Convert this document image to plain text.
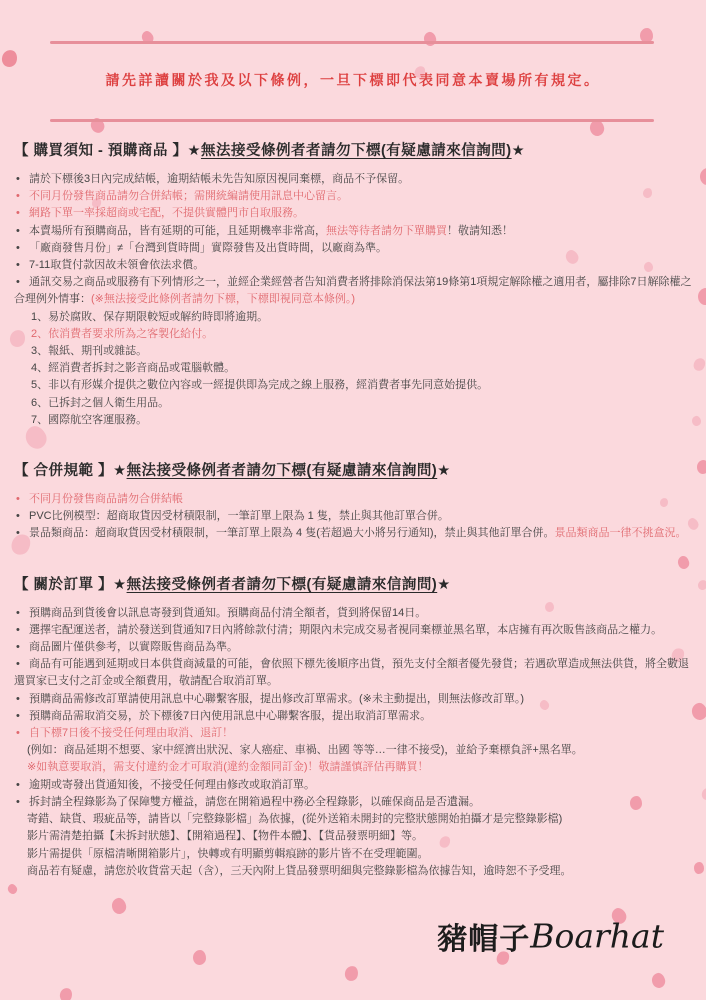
請先詳讀關於我及以下條例，一旦下標即代表同意本賣場所有規定。
【 購買須知 - 預購商品 】★無法接受條例者者請勿下標(有疑慮請來信詢問)★
• 請於下標後3日內完成結帳，逾期結帳未先告知原因視同棄標，商品不予保留。
• 不同月份發售商品請勿合併結帳；需開統編請使用訊息中心留言。
• 網路下單一率採超商或宅配，不提供實體門市自取服務。
• 本賣場所有預購商品，皆有延期的可能，且延期機率非常高，無法等待者請勿下單購買！敬請知悉！
• 「廠商發售月份」≠「台灣到貨時間」實際發售及出貨時間，以廠商為準。
• 7-11取貨付款因故未領會依法求償。
• 通訊交易之商品或服務有下列情形之一，並經企業經營者告知消費者將排除消保法第19條第1項規定解除權之適用者，屬排除7日解除權之合理例外情事：(※無法接受此條例者請勿下標，下標即視同意本條例。)
1、易於腐敗、保存期限較短或解約時即將逾期。
2、依消費者要求所為之客製化給付。
3、報紙、期刊或雜誌。
4、經消費者拆封之影音商品或電腦軟體。
5、非以有形媒介提供之數位內容或一經提供即為完成之線上服務，經消費者事先同意始提供。
6、已拆封之個人衛生用品。
7、國際航空客運服務。
【 合併規範 】★無法接受條例者者請勿下標(有疑慮請來信詢問)★
• 不同月份發售商品請勿合併結帳
• PVC比例模型：超商取貨因受材積限制，一筆訂單上限為 1 隻，禁止與其他訂單合併。
• 景品類商品：超商取貨因受材積限制，一筆訂單上限為 4 隻(若超過大小將另行通知)，禁止與其他訂單合併。景品類商品一律不挑盒況。
【 關於訂單 】★無法接受條例者者請勿下標(有疑慮請來信詢問)★
• 預購商品到貨後會以訊息寄發到貨通知。預購商品付清全額者，貨到將保留14日。
• 選擇宅配運送者，請於發送到貨通知7日內將餘款付清；期限內未完成交易者視同棄標並黑名單，本店擁有再次販售該商品之權力。
• 商品圖片僅供參考，以實際販售商品為準。
• 商品有可能遇到延期或日本供貨商減量的可能，會依照下標先後順序出貨，預先支付全額者優先發貨；若遇砍單造成無法供貨，將全數退還買家已支付之訂金或全額費用，敬請配合取消訂單。
• 預購商品需修改訂單請使用訊息中心聯繫客服，提出修改訂單需求。(※未主動提出，則無法修改訂單。)
• 預購商品需取消交易，於下標後7日內使用訊息中心聯繫客服，提出取消訂單需求。
• 自下標7日後不接受任何理由取消、退訂！
(例如：商品延期不想要、家中經濟出狀況、家人癌症、車禍、出國 等等…一律不接受)，並給予棄標負評+黑名單。
※如執意要取消，需支付違約金才可取消(違約金額同訂金)！敬請謹慎評估再購買！
• 逾期或寄發出貨通知後，不接受任何理由修改或取消訂單。
• 拆封請全程錄影為了保障雙方權益，請您在開箱過程中務必全程錄影，以確保商品是否遺漏。
寄錯、缺貨、瑕疵品等，請皆以「完整錄影檔」為依據，(從外送箱未開封的完整狀態開始拍攝才是完整錄影檔)
影片需清楚拍攝【未拆封狀態】、【開箱過程】、【物件本體】、【貨品發票明細】等。
影片需提供「原檔清晰開箱影片」，快轉或有明顯剪輯痕跡的影片皆不在受理範圍。
商品若有疑慮，請您於收貨當天起（含），三天內附上貨品發票明細與完整錄影檔為依據告知，逾時恕不予受理。
豬帽子Boarhat
